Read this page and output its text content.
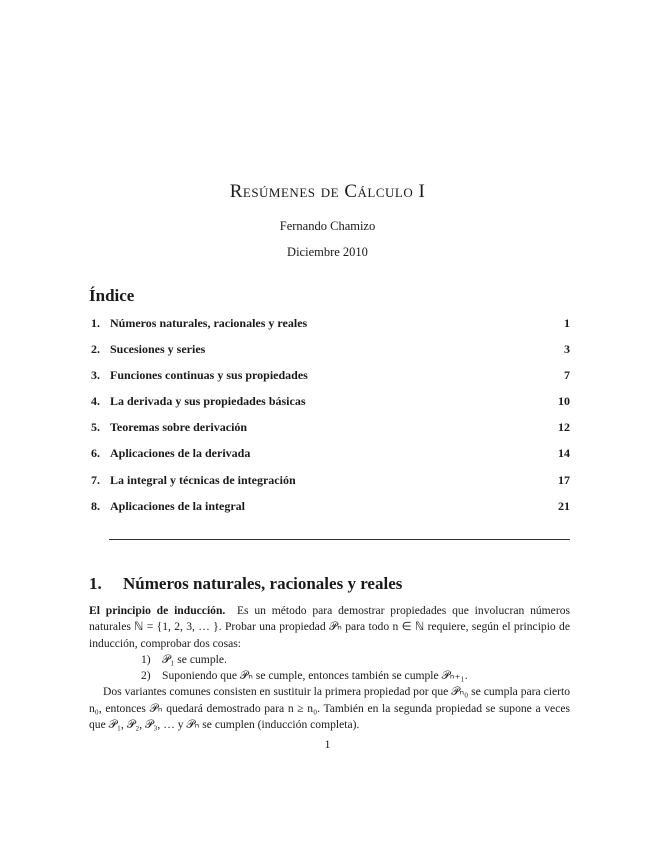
Resúmenes de Cálculo I
Fernando Chamizo
Diciembre 2010
Índice
1. Números naturales, racionales y reales	1
2. Sucesiones y series	3
3. Funciones continuas y sus propiedades	7
4. La derivada y sus propiedades básicas	10
5. Teoremas sobre derivación	12
6. Aplicaciones de la derivada	14
7. La integral y técnicas de integración	17
8. Aplicaciones de la integral	21
1. Números naturales, racionales y reales

El principio de inducción. Es un método para demostrar propiedades que involucran números naturales ℕ = {1, 2, 3, … }. Probar una propiedad 𝒫ₙ para todo n ∈ ℕ requiere, según el principio de inducción, comprobar dos cosas:

1) 𝒫₁ se cumple.

2) Suponiendo que 𝒫ₙ se cumple, entonces también se cumple 𝒫ₙ₊₁.

Dos variantes comunes consisten en sustituir la primera propiedad por que 𝒫ₙ₀ se cumpla para cierto n₀, entonces 𝒫ₙ quedará demostrado para n ≥ n₀. También en la segunda propiedad se supone a veces que 𝒫₁, 𝒫₂, 𝒫₃, … y 𝒫ₙ se cumplen (inducción completa).

1
